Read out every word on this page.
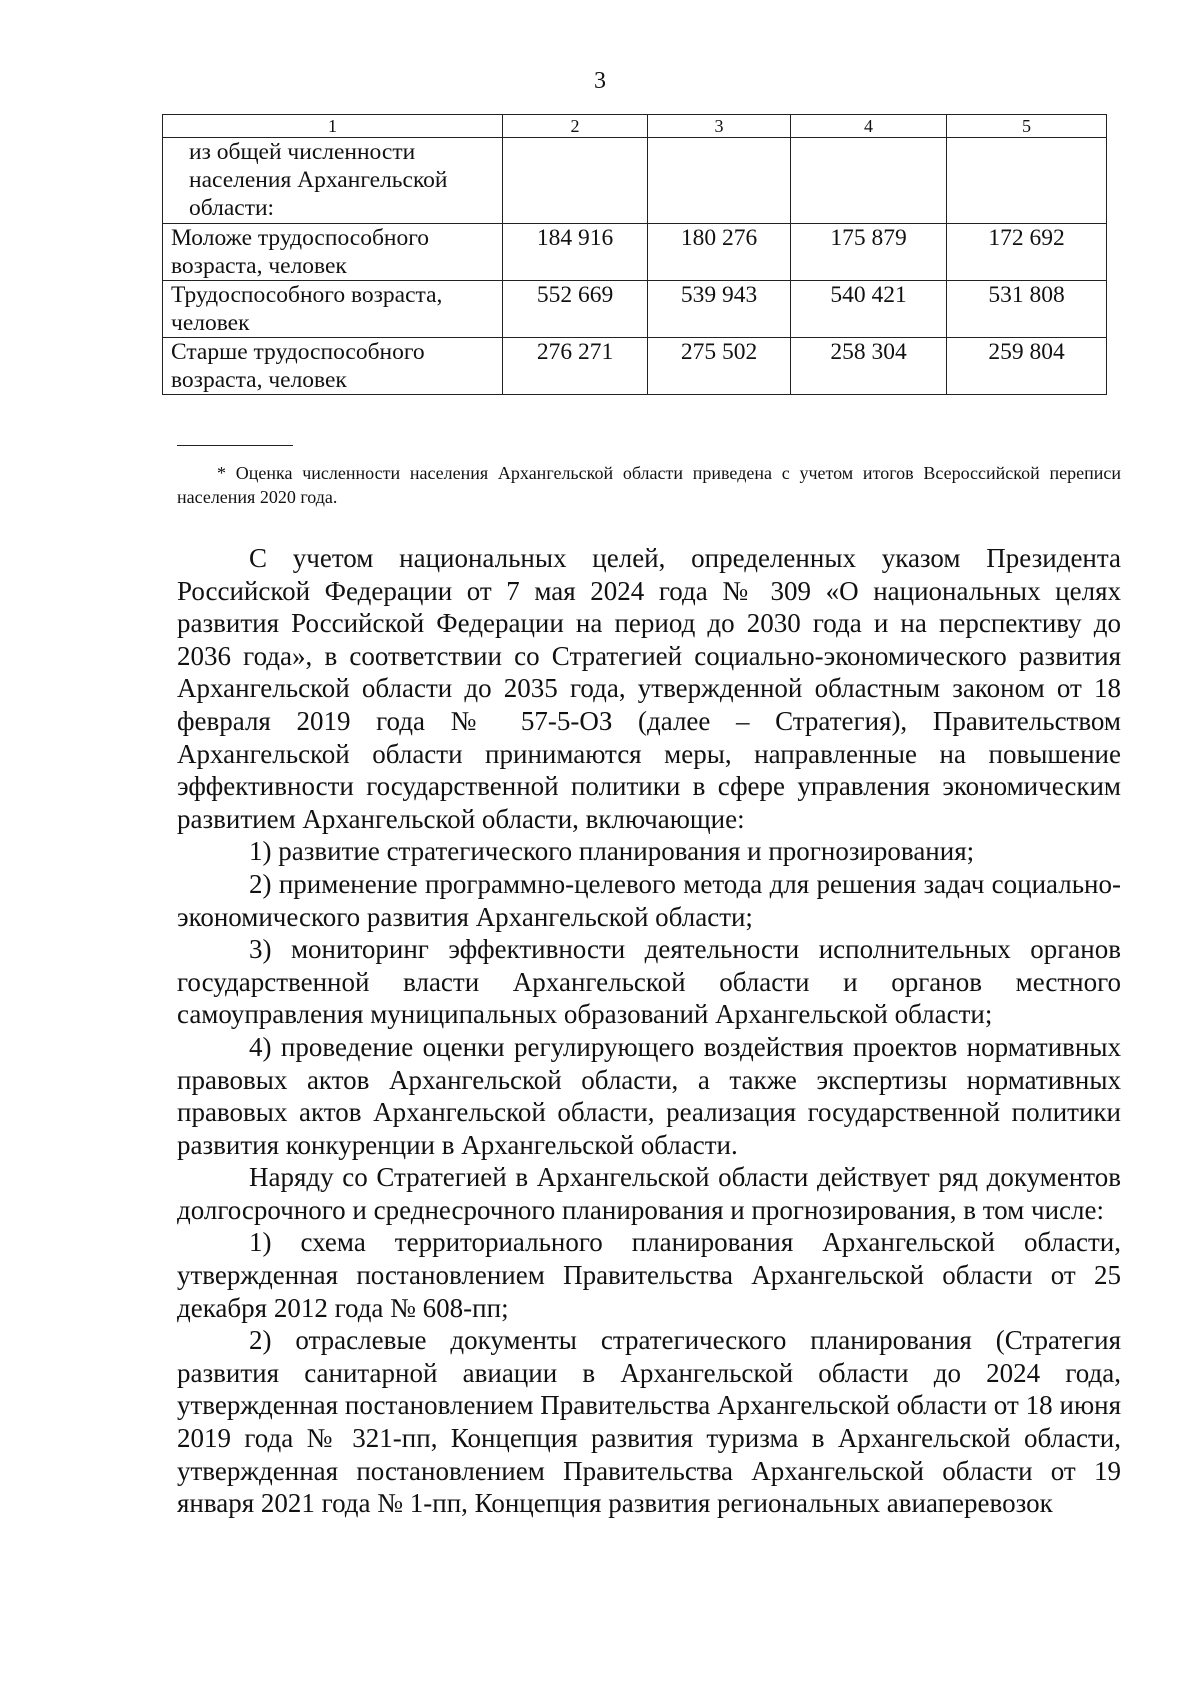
3
1	2	3	4	5
из общей численности населения Архангельской области:				
Моложе трудоспособного возраста, человек	184 916	180 276	175 879	172 692
Трудоспособного возраста, человек	552 669	539 943	540 421	531 808
Старше трудоспособного возраста, человек	276 271	275 502	258 304	259 804
* Оценка численности населения Архангельской области приведена с учетом итогов Всероссийской переписи населения 2020 года.

С учетом национальных целей, определенных указом Президента Российской Федерации от 7 мая 2024 года № 309 «О национальных целях развития Российской Федерации на период до 2030 года и на перспективу до 2036 года», в соответствии со Стратегией социально-экономического развития Архангельской области до 2035 года, утвержденной областным законом от 18 февраля 2019 года № 57-5-ОЗ (далее – Стратегия), Правительством Архангельской области принимаются меры, направленные на повышение эффективности государственной политики в сфере управления экономическим развитием Архангельской области, включающие:

1) развитие стратегического планирования и прогнозирования;

2) применение программно-целевого метода для решения задач социально-экономического развития Архангельской области;

3) мониторинг эффективности деятельности исполнительных органов государственной власти Архангельской области и органов местного самоуправления муниципальных образований Архангельской области;

4) проведение оценки регулирующего воздействия проектов нормативных правовых актов Архангельской области, а также экспертизы нормативных правовых актов Архангельской области, реализация государственной политики развития конкуренции в Архангельской области.

Наряду со Стратегией в Архангельской области действует ряд документов долгосрочного и среднесрочного планирования и прогнозирования, в том числе:

1) схема территориального планирования Архангельской области, утвержденная постановлением Правительства Архангельской области от 25 декабря 2012 года № 608-пп;

2) отраслевые документы стратегического планирования (Стратегия развития санитарной авиации в Архангельской области до 2024 года, утвержденная постановлением Правительства Архангельской области от 18 июня 2019 года № 321-пп, Концепция развития туризма в Архангельской области, утвержденная постановлением Правительства Архангельской области от 19 января 2021 года № 1-пп, Концепция развития региональных авиаперевозок
